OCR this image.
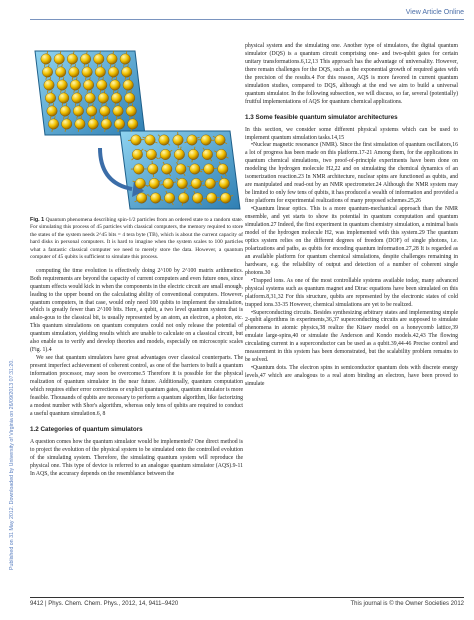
View Article Online
Published on 31 May 2012. Downloaded by University of Virginia on 26/09/2013 07:31:20.

Fig. 1 Quantum phenomena describing spin-1/2 particles from an ordered state to a random state. For simulating this process of 45 particles with classical computers, the memory required to store the states of the system needs 2^45 bits = 4 tera byte (TB), which is about the current capacity of hard disks in personal computers. It is hard to imagine when the system scales to 100 particles what a fantastic classical computer we need to merely store the data. However, a quantum computer of 45 qubits is sufficient to simulate this process.

computing the time evolution is effectively doing 2^100 by 2^100 matrix arithmetics. Both requirements are beyond the capacity of current computers and even future ones, since quantum effects would kick in when the components in the electric circuit are small enough, leading to the upper bound on the calculating ability of conventional computers. However, quantum computers, in that case, would only need 100 qubits to implement the simulation, which is greatly fewer than 2^100 bits. Here, a qubit, a two level quantum system that is analo-gous to the classical bit, is usually represented by an atom, an electron, a photon, etc. This quantum simulations on quantum computers could not only release the potential of quantum simulation, yielding results which are unable to calculate on a classical circuit, but also enable us to verify and develop theories and models, especially on microscopic scales (Fig. 1).4

We see that quantum simulators have great advantages over classical counterparts. The present imperfect achievement of coherent control, as one of the barriers to built a quantum information processor, may soon be overcome.5 Therefore it is possible for the physical realization of quantum simulator in the near future. Additionally, quantum computation which requires either error corrections or explicit quantum gates, quantum simulator is more feasible. Thousands of qubits are necessary to perform a quantum algorithm, like factorizing a modest number with Shor's algorithm, whereas only tens of qubits are required to conduct a useful quantum simulation.6, 8

1.2 Categories of quantum simulators

A question comes how the quantum simulator would be implemented? One direct method is to project the evolution of the physical system to be simulated onto the controlled evolution of the simulating system. Therefore, the simulating quantum system will reproduce the physical one. This type of device is referred to an analogue quantum simulator (AQS).9-11 In AQS, the accuracy depends on the resemblance between the

physical system and the simulating one. Another type of simulators, the digital quantum simulator (DQS) is a quantum circuit comprising one- and two-qubit gates for certain unitary transformations.6,12,13 This approach has the advantage of universality. However, there remain challenges for the DQS, such as the exponential growth of required gates with the precision of the results.4 For this reason, AQS is more favored in current quantum simulation studies, compared to DQS, although at the end we aim to build a universal quantum simulator. In the following subsection, we will discuss, so far, several (potentially) fruitful implementations of AQS for quantum chemical applications.

1.3 Some feasible quantum simulator architectures

In this section, we consider some different physical systems which can be used to implement quantum simulation tasks.14,15

•Nuclear magnetic resonance (NMR). Since the first simulation of quantum oscillators,16 a lot of progress has been made on this platform.17-21 Among them, for the applications in quantum chemical simulations, two proof-of-principle experiments have been done on modeling the hydrogen molecule H2,22 and on simulating the chemical dynamics of an isomerization reaction.23 In NMR architecture, nuclear spins are functioned as qubits, and are manipulated and read-out by an NMR spectrometer.24 Although the NMR system may be limited to only few tens of qubits, it has produced a wealth of information and provided a fine platform for experimental realizations of many proposed schemes.25,26

•Quantum linear optics. This is a more quantum-mechanical approach than the NMR ensemble, and yet starts to show its potential in quantum computation and quantum simulation.27 Indeed, the first experiment in quantum chemistry simulation, a minimal basis model of the hydrogen molecule H2, was implemented with this system.29 The quantum optics system relies on the different degrees of freedom (DOF) of single photons, i.e. polarizations and paths, as qubits for encoding quantum information.27,28 It is regarded as an available platform for quantum chemical simulations, despite challenges remaining in hardware, e.g. the reliability of output and detection of a number of coherent single photons.30

•Trapped ions. As one of the most controllable systems available today, many advanced physical systems such as quantum magnet and Dirac equations have been simulated on this platform.8,31,32 For this structure, qubits are represented by the electronic states of cold trapped ions.33-35 However, chemical simulations are yet to be realized.

•Superconducting circuits. Besides synthesizing arbitrary states and implementing simple 2-qubit algorithms in experiments,36,37 superconducting circuits are supposed to simulate phenomena in atomic physics,38 realize the Kitaev model on a honeycomb lattice,39 emulate large-spins,40 or simulate the Anderson and Kondo models.42,43 The flowing circulating current in a superconductor can be used as a qubit.39,44-46 Precise control and measurement in this system has been demonstrated, but the scalability problem remains to be solved.

•Quantum dots. The electron spins in semiconductor quantum dots with discrete energy levels,47 which are analogous to a real atom binding an electron, have been proved to simulate

9412 | Phys. Chem. Chem. Phys., 2012, 14, 9411–9420	This journal is © the Owner Societies 2012
